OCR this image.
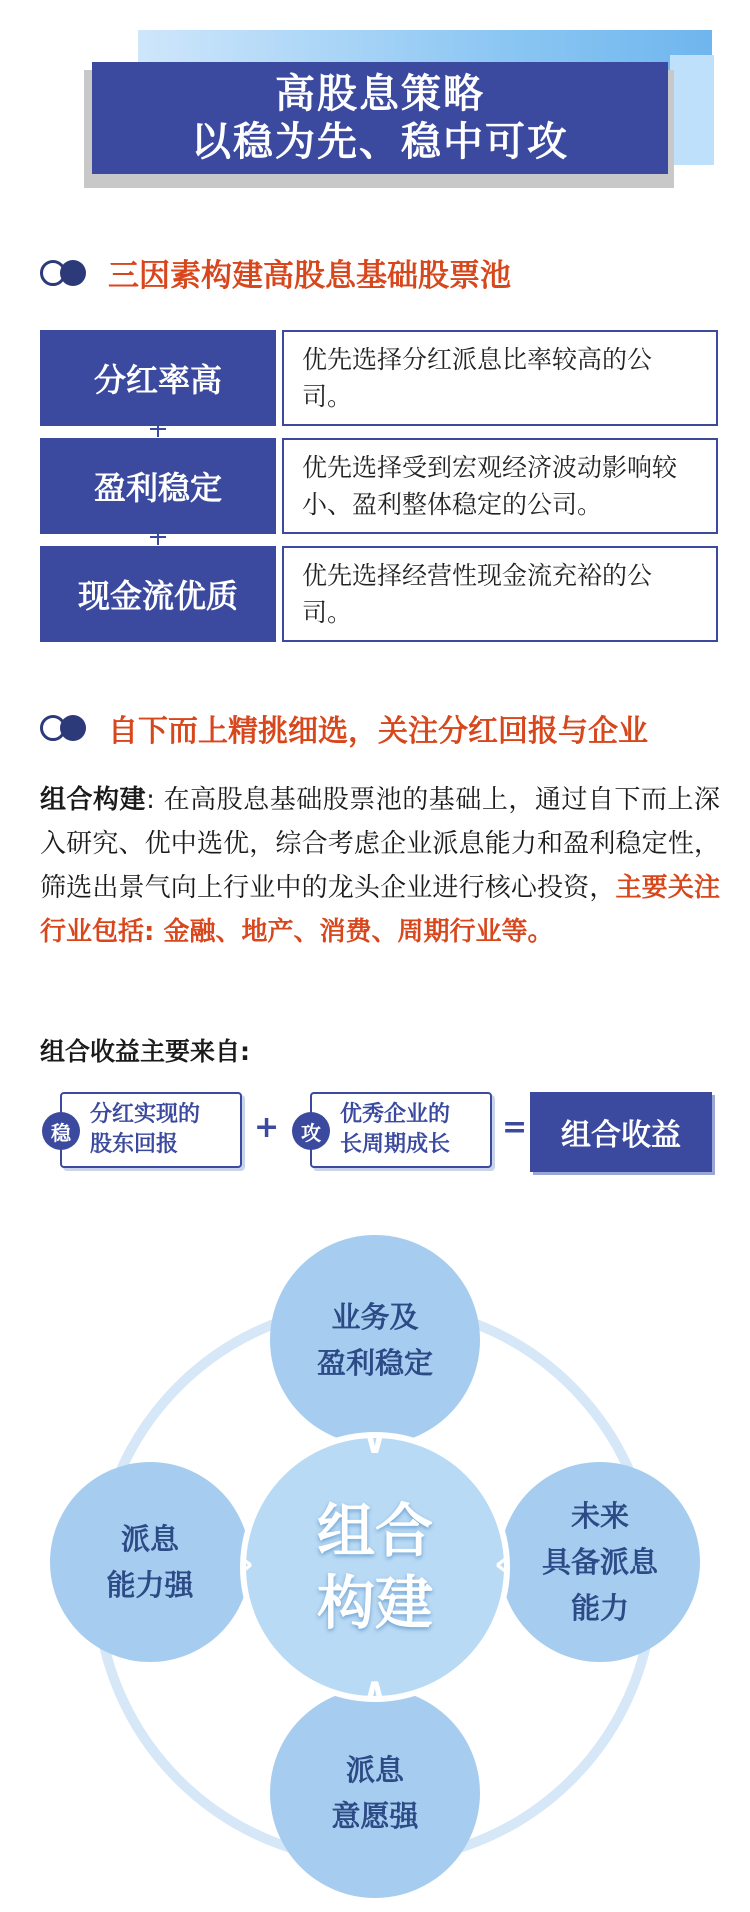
高股息策略
以稳为先、稳中可攻
三因素构建高股息基础股票池
分红率高
优先选择分红派息比率较高的公司。
盈利稳定
优先选择受到宏观经济波动影响较小、盈利整体稳定的公司。
现金流优质
优先选择经营性现金流充裕的公司。
自下而上精挑细选，关注分红回报与企业
组合构建: 在高股息基础股票池的基础上，通过自下而上深入研究、优中选优，综合考虑企业派息能力和盈利稳定性，筛选出景气向上行业中的龙头企业进行核心投资，主要关注行业包括: 金融、地产、消费、周期行业等。
组合收益主要来自:
分红实现的
股东回报
稳	+	优秀企业的
长周期成长
攻	=	组合收益
业务及
盈利稳定
派息
能力强
未来
具备派息
能力
派息
意愿强
组合
构建
∨
∧
›	‹
